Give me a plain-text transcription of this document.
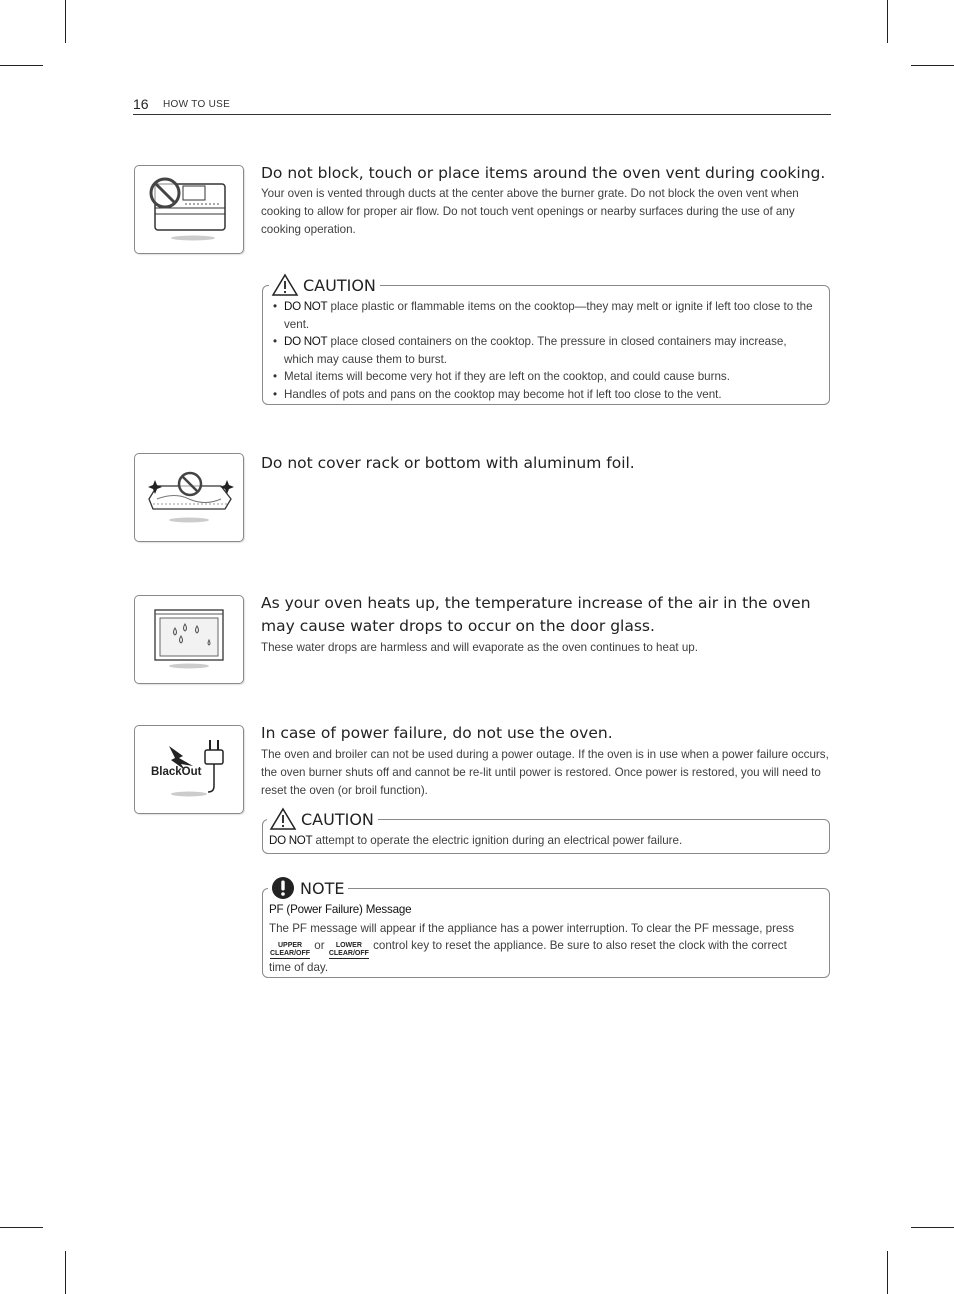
16 HOW TO USE
Do not block, touch or place items around the oven vent during cooking.
Your oven is vented through ducts at the center above the burner grate. Do not block the oven vent when cooking to allow for proper air flow. Do not touch vent openings or nearby surfaces during the use of any cooking operation.
CAUTION
• DO NOT place plastic or flammable items on the cooktop—they may melt or ignite if left too close to the vent.
• DO NOT place closed containers on the cooktop. The pressure in closed containers may increase, which may cause them to burst.
• Metal items will become very hot if they are left on the cooktop, and could cause burns.
• Handles of pots and pans on the cooktop may become hot if left too close to the vent.
Do not cover rack or bottom with aluminum foil.
As your oven heats up, the temperature increase of the air in the oven may cause water drops to occur on the door glass.
These water drops are harmless and will evaporate as the oven continues to heat up.
BlackOut
In case of power failure, do not use the oven.
The oven and broiler can not be used during a power outage. If the oven is in use when a power failure occurs, the oven burner shuts off and cannot be re-lit until power is restored. Once power is restored, you will need to reset the oven (or broil function).
CAUTION
DO NOT attempt to operate the electric ignition during an electrical power failure.
NOTE
PF (Power Failure) Message
The PF message will appear if the appliance has a power interruption. To clear the PF message, press
UPPER
CLEAR/OFF
or	LOWER
CLEAR/OFF
control key to reset the appliance. Be sure to also reset the clock with the correct time of day.
